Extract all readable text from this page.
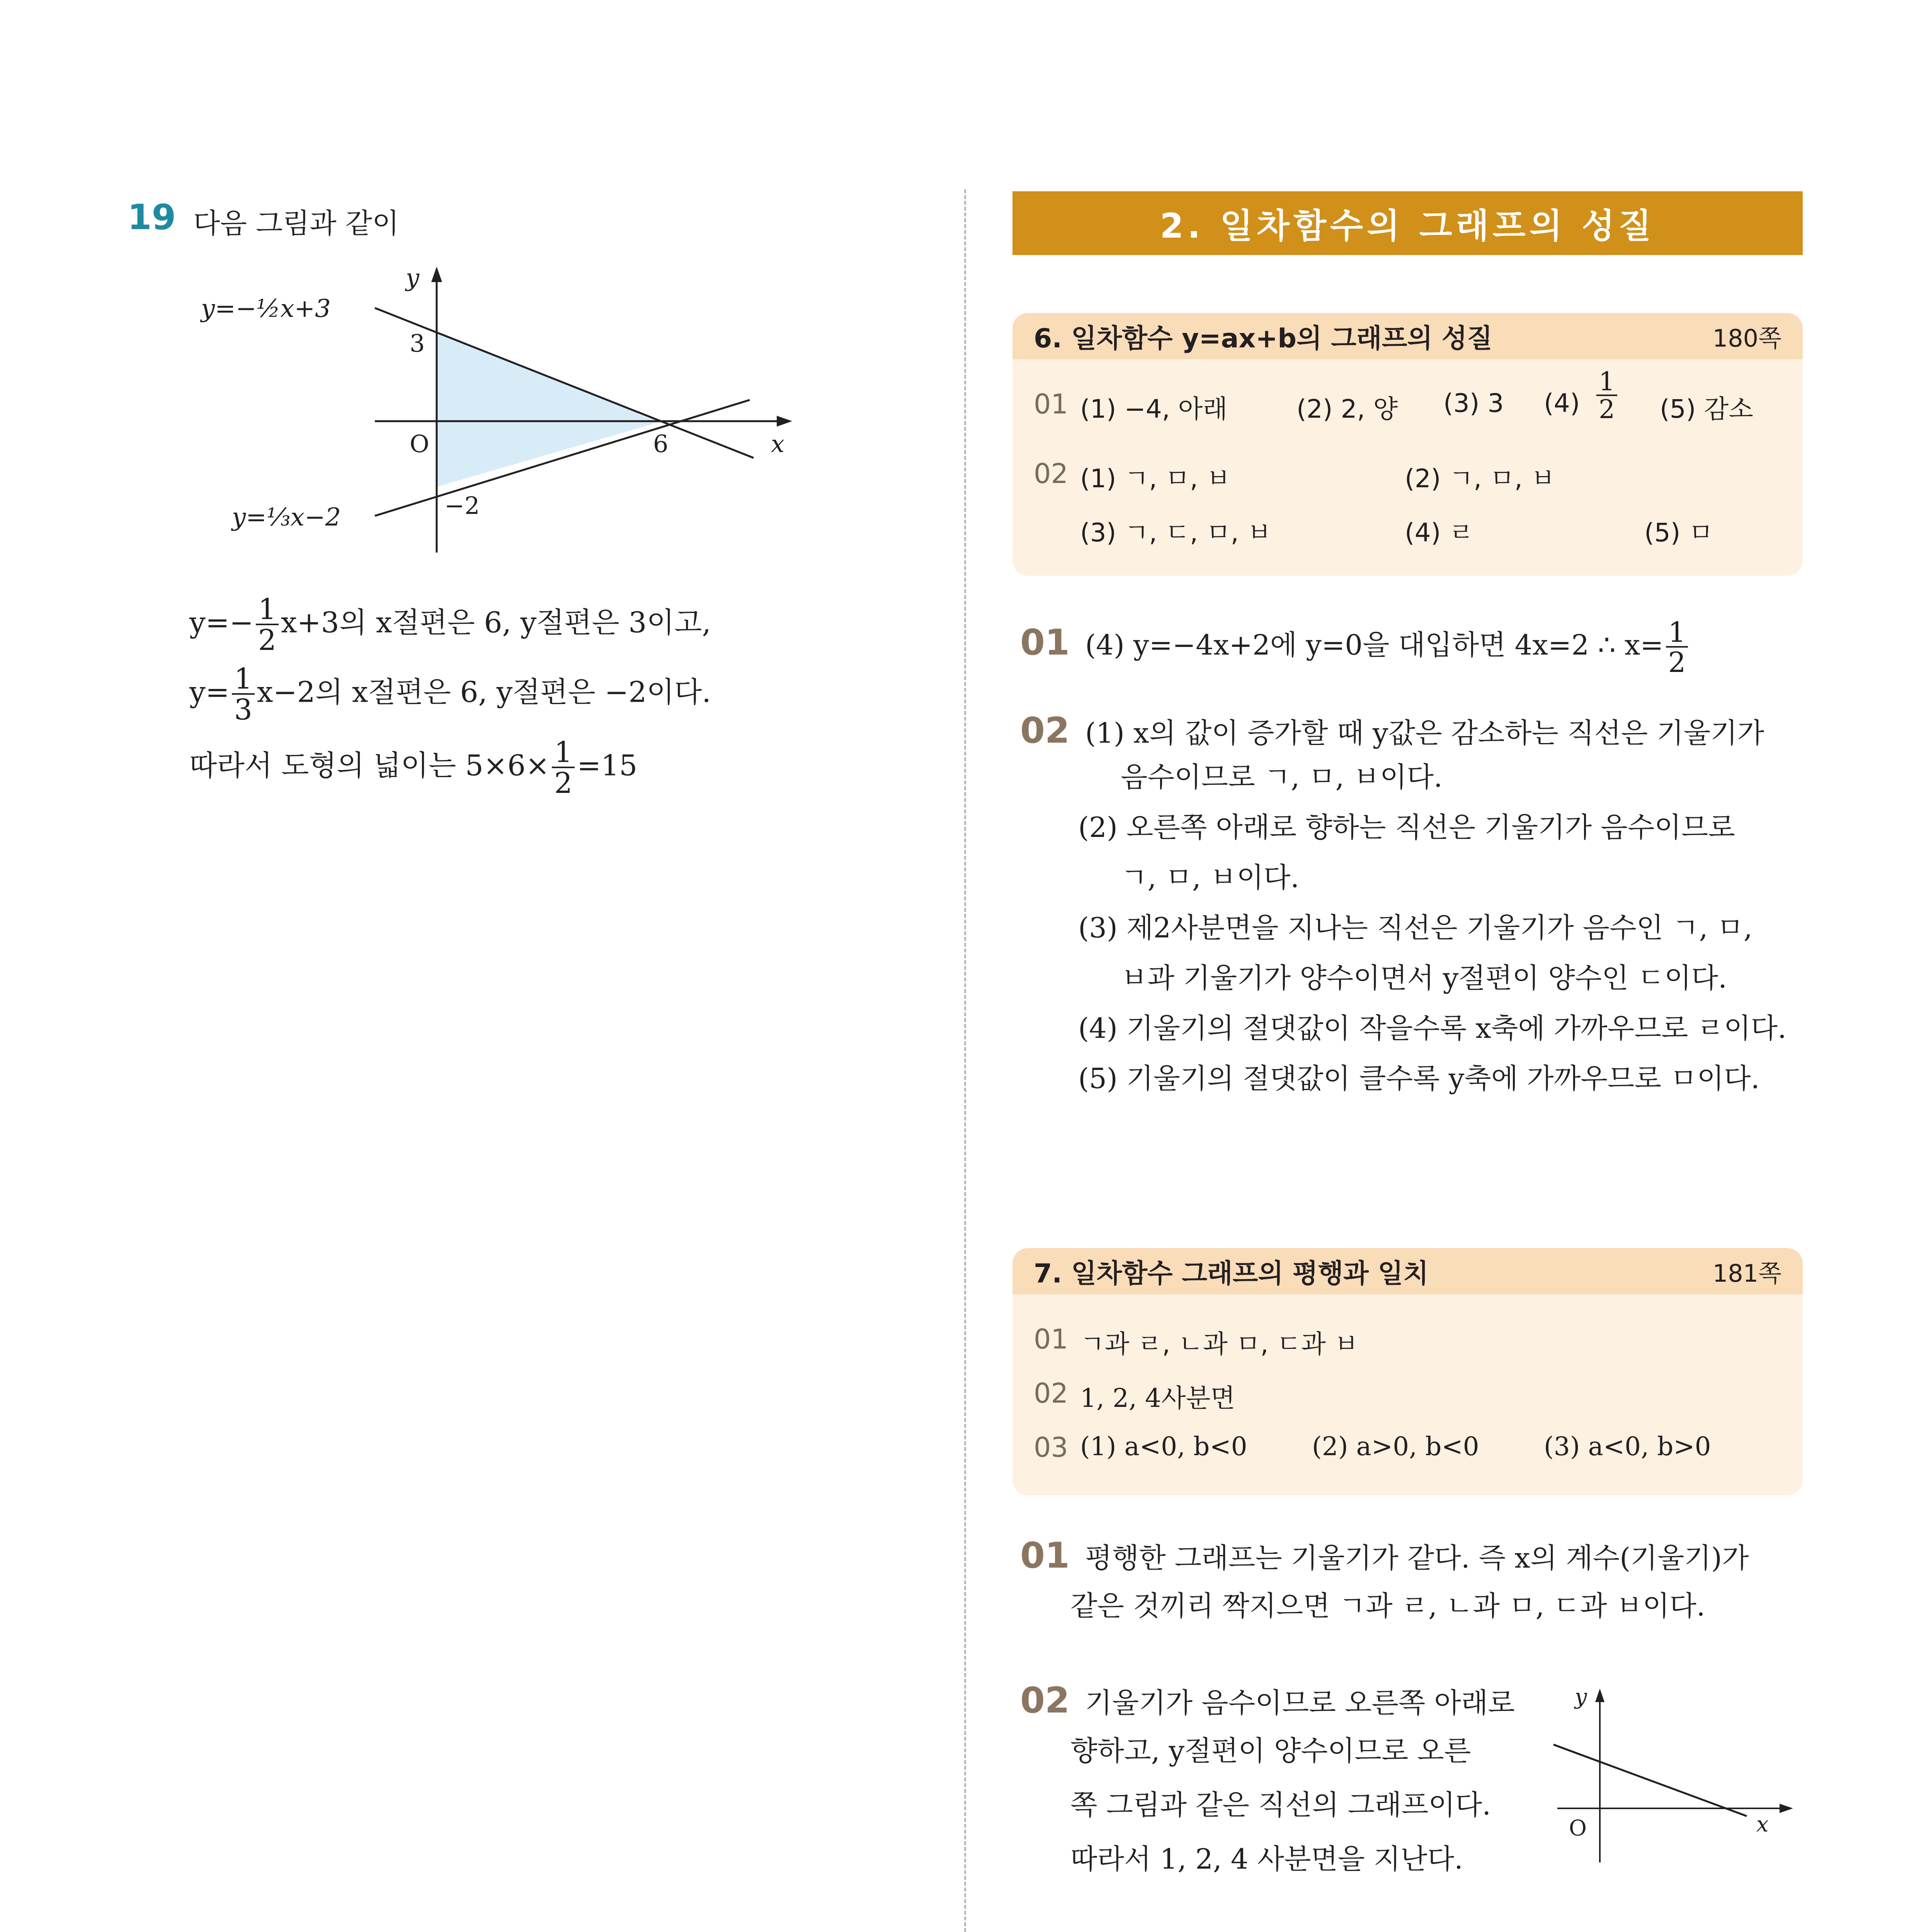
19 다음 그림과 같이
y
x
O
3
6
−2
y=−½x+3
y=⅓x−2
$y=- \frac{1}{2} x+3$의 x절편은 6, y절편은 3이고,
$y= \frac{1}{3} x-2$의 x절편은 6, y절편은 −2이다.
따라서 도형의 넓이는 $5\times 6\times \frac{1}{2} =15$
2. 일차함수의 그래프의 성질
6. 일차함수 y=ax+b의 그래프의 성질	180쪽
01 (1) −4, 아래	(2) 2, 양 (3) 3 $(4) \frac{1}{2} (5)$ 감소
02 (1) ㄱ, ㅁ, ㅂ	(2) ㄱ, ㅁ, ㅂ
(3) ㄱ, ㄷ, ㅁ, ㅂ	(4) ㄹ	(5) ㅁ
01 (4) y=−4x+2에 y=0을 대입하면 4x=2 ∴ $x= \frac{1}{2}$
02 (1) x의 값이 증가할 때 y값은 감소하는 직선은 기울기가
음수이므로 ㄱ, ㅁ, ㅂ이다.
(2) 오른쪽 아래로 향하는 직선은 기울기가 음수이므로
ㄱ, ㅁ, ㅂ이다.
(3) 제2사분면을 지나는 직선은 기울기가 음수인 ㄱ, ㅁ,
ㅂ과 기울기가 양수이면서 y절편이 양수인 ㄷ이다.
(4) 기울기의 절댓값이 작을수록 x축에 가까우므로 ㄹ이다.
(5) 기울기의 절댓값이 클수록 y축에 가까우므로 ㅁ이다.
7. 일차함수 그래프의 평행과 일치	181쪽
01 ㄱ과 ㄹ, ㄴ과 ㅁ, ㄷ과 ㅂ
02 1, 2, 4사분면
03 (1) a<0, b<0	(2) a>0, b<0	(3) a<0, b>0
01 평행한 그래프는 기울기가 같다. 즉 x의 계수(기울기)가
같은 것끼리 짝지으면 ㄱ과 ㄹ, ㄴ과 ㅁ, ㄷ과 ㅂ이다.
02 기울기가 음수이므로 오른쪽 아래로
향하고, y절편이 양수이므로 오른
쪽 그림과 같은 직선의 그래프이다.
따라서 1, 2, 4 사분면을 지난다.
y
x
O
